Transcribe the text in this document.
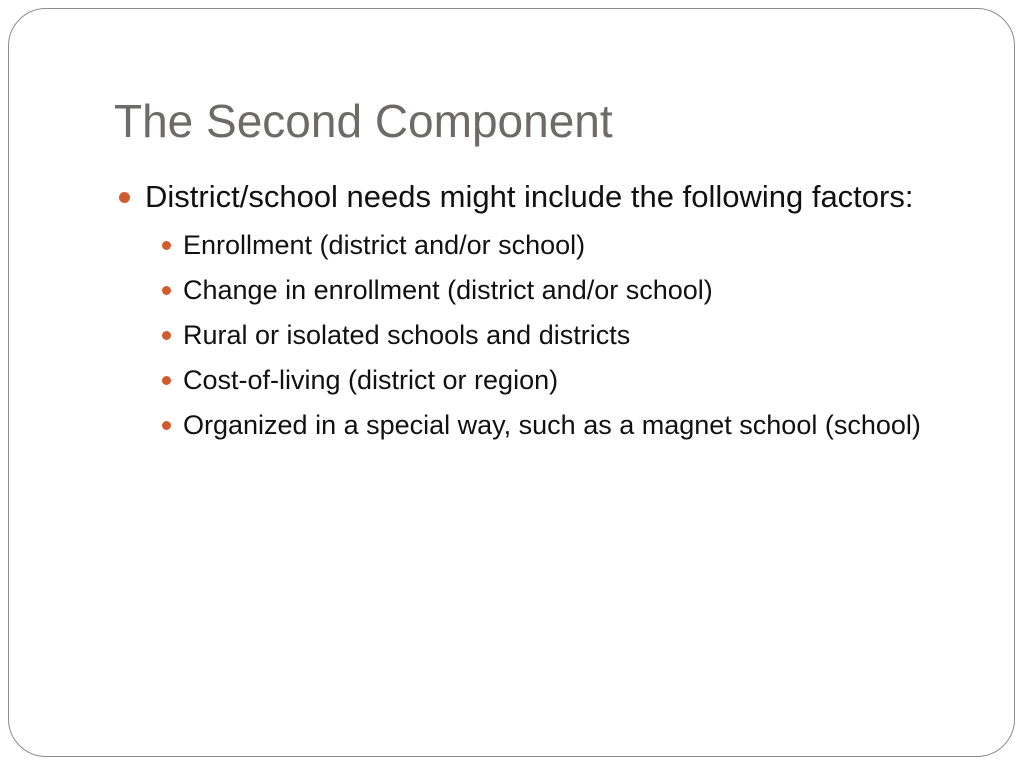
The Second Component
District/school needs might include the following factors:
Enrollment (district and/or school)
Change in enrollment (district and/or school)
Rural or isolated schools and districts
Cost-of-living (district or region)
Organized in a special way, such as a magnet school (school)
